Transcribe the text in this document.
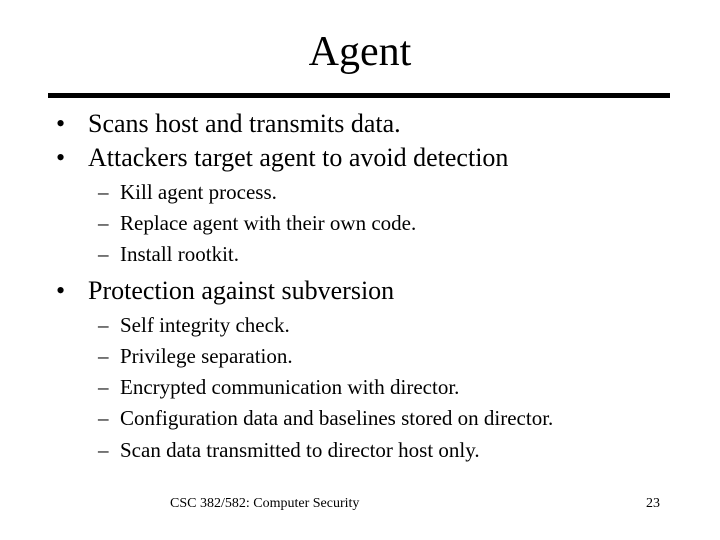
Agent
• Scans host and transmits data.
• Attackers target agent to avoid detection
– Kill agent process.
– Replace agent with their own code.
– Install rootkit.
• Protection against subversion
– Self integrity check.
– Privilege separation.
– Encrypted communication with director.
– Configuration data and baselines stored on director.
– Scan data transmitted to director host only.
CSC 382/582: Computer Security	23
